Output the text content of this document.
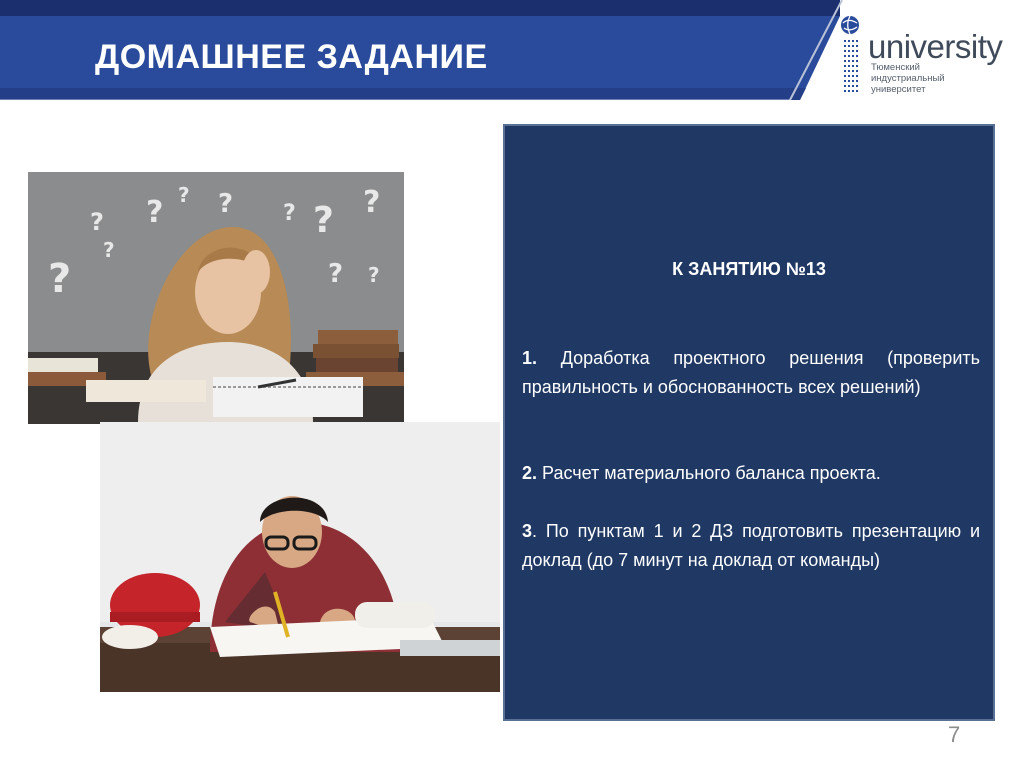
ДОМАШНЕЕ ЗАДАНИЕ	university
Тюменский
индустриальный
университет
?
?
?
? ? ? ? ? ?
?
?	К ЗАНЯТИЮ №13

1. Доработка проектного решения (проверить правильность и обоснованность всех решений)

2. Расчет материального баланса проекта.

3. По пунктам 1 и 2 ДЗ подготовить презентацию и доклад (до 7 минут на доклад от команды)

7
